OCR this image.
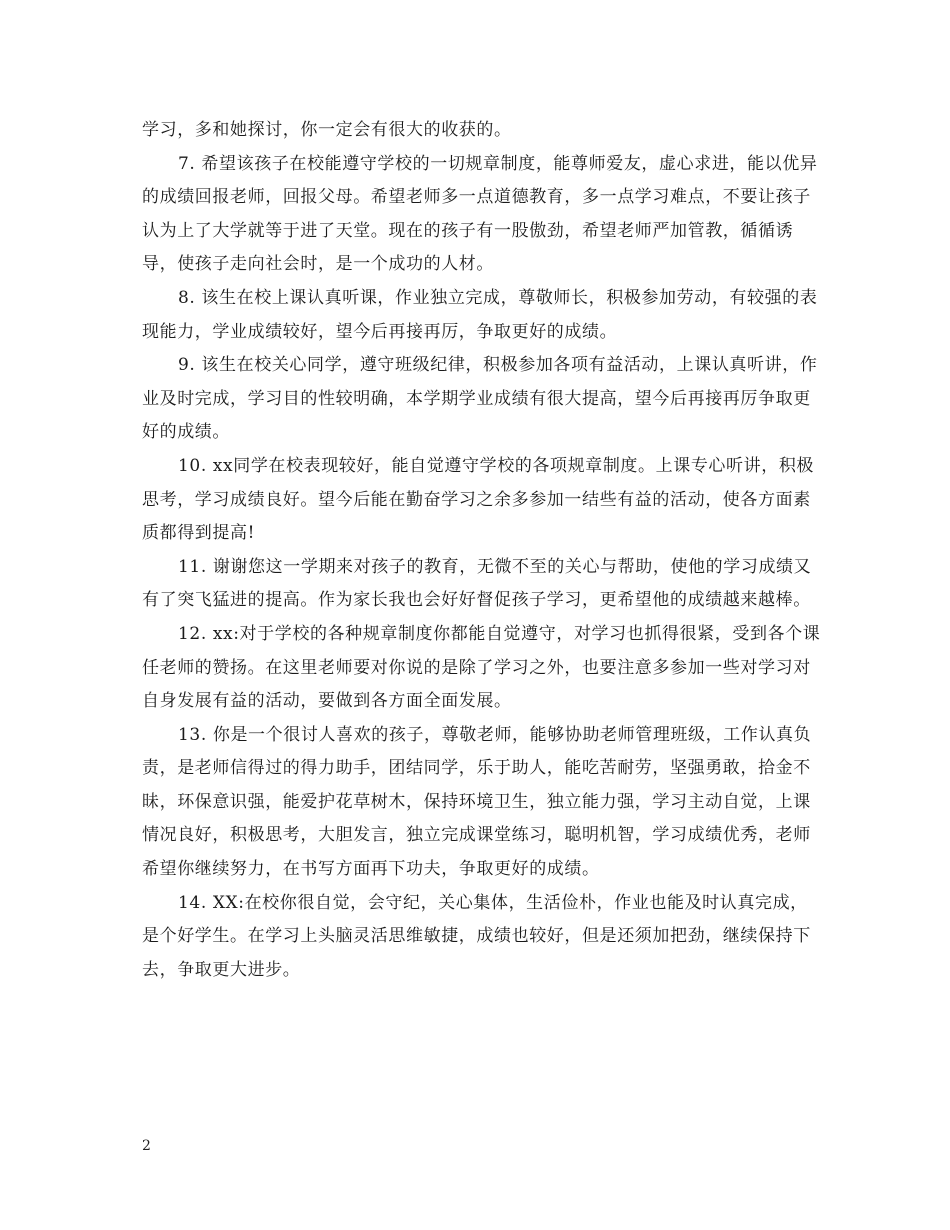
学习，多和她探讨，你一定会有很大的收获的。

7. 希望该孩子在校能遵守学校的一切规章制度，能尊师爱友，虚心求进，能以优异的成绩回报老师，回报父母。希望老师多一点道德教育，多一点学习难点，不要让孩子认为上了大学就等于进了天堂。现在的孩子有一股傲劲，希望老师严加管教，循循诱导，使孩子走向社会时，是一个成功的人材。

8. 该生在校上课认真听课，作业独立完成，尊敬师长，积极参加劳动，有较强的表现能力，学业成绩较好，望今后再接再厉，争取更好的成绩。

9. 该生在校关心同学，遵守班级纪律，积极参加各项有益活动，上课认真听讲，作业及时完成，学习目的性较明确，本学期学业成绩有很大提高，望今后再接再厉争取更好的成绩。

10. xx同学在校表现较好，能自觉遵守学校的各项规章制度。上课专心听讲，积极思考，学习成绩良好。望今后能在勤奋学习之余多参加一结些有益的活动，使各方面素质都得到提高!

11. 谢谢您这一学期来对孩子的教育，无微不至的关心与帮助，使他的学习成绩又有了突飞猛进的提高。作为家长我也会好好督促孩子学习，更希望他的成绩越来越棒。

12. xx:对于学校的各种规章制度你都能自觉遵守，对学习也抓得很紧，受到各个课任老师的赞扬。在这里老师要对你说的是除了学习之外，也要注意多参加一些对学习对自身发展有益的活动，要做到各方面全面发展。

13. 你是一个很讨人喜欢的孩子，尊敬老师，能够协助老师管理班级，工作认真负责，是老师信得过的得力助手，团结同学，乐于助人，能吃苦耐劳，坚强勇敢，拾金不昧，环保意识强，能爱护花草树木，保持环境卫生，独立能力强，学习主动自觉，上课情况良好，积极思考，大胆发言，独立完成课堂练习，聪明机智，学习成绩优秀，老师希望你继续努力，在书写方面再下功夫，争取更好的成绩。

14. XX:在校你很自觉，会守纪，关心集体，生活俭朴，作业也能及时认真完成，是个好学生。在学习上头脑灵活思维敏捷，成绩也较好，但是还须加把劲，继续保持下去，争取更大进步。

2
